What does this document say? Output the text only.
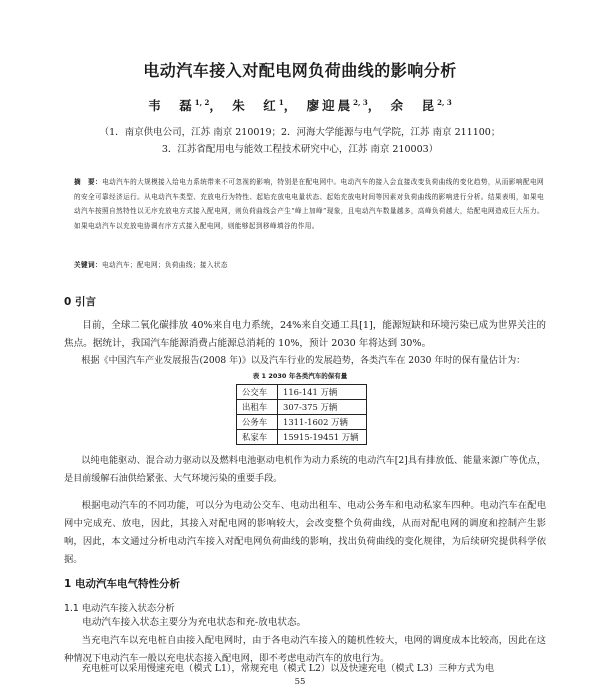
电动汽车接入对配电网负荷曲线的影响分析
韦　磊$^{1, 2}$， 朱　红$^1$， 廖迎晨$^{2, 3}$， 余　昆$^{2, 3}$
（1．南京供电公司，江苏 南京 210019；2．河海大学能源与电气学院，江苏 南京 211100；
3．江苏省配用电与能效工程技术研究中心，江苏 南京 210003）
摘　要：电动汽车的大规模接入给电力系统带来不可忽视的影响，特别是在配电网中。电动汽车的接入会直接改变负荷曲线的变化趋势，从而影响配电网的安全可靠经济运行。从电动汽车类型、充放电行为特性、起始充放电电量状态、起始充放电时间等因素对负荷曲线的影响进行分析。结果表明，如果电动汽车按照自然特性以无序充放电方式接入配电网，则负荷曲线会产生“峰上加峰”现象，且电动汽车数量越多，高峰负荷越大，给配电网造成巨大压力。如果电动汽车以充放电协调有序方式接入配电网，则能够起到移峰填谷的作用。
关键词：电动汽车；配电网；负荷曲线；接入状态
0 引言
目前，全球二氧化碳排放 40%来自电力系统，24%来自交通工具[1]，能源短缺和环境污染已成为世界关注的焦点。据统计，我国汽车能源消费占能源总消耗的 10%，预计 2030 年将达到 30%。
根据《中国汽车产业发展报告(2008 年)》以及汽车行业的发展趋势，各类汽车在 2030 年时的保有量估计为：
表 1 2030 年各类汽车的保有量
公交车	116-141 万辆
出租车	307-375 万辆
公务车	1311-1602 万辆
私家车	15915-19451 万辆
以纯电能驱动、混合动力驱动以及燃料电池驱动电机作为动力系统的电动汽车[2]具有排放低、能量来源广等优点，是目前缓解石油供给紧张、大气环境污染的重要手段。
根据电动汽车的不同功能，可以分为电动公交车、电动出租车、电动公务车和电动私家车四种。电动汽车在配电网中完成充、放电，因此，其接入对配电网的影响较大，会改变整个负荷曲线，从而对配电网的调度和控制产生影响，因此，本文通过分析电动汽车接入对配电网负荷曲线的影响，找出负荷曲线的变化规律，为后续研究提供科学依据。
1 电动汽车电气特性分析
1.1 电动汽车接入状态分析
电动汽车接入状态主要分为充电状态和充-放电状态。
当充电汽车以充电桩自由接入配电网时，由于各电动汽车接入的随机性较大，电网的调度成本比较高，因此在这种情况下电动汽车一般以充电状态接入配电网，即不考虑电动汽车的放电行为。
充电桩可以采用慢速充电（模式 L1），常规充电（模式 L2）以及快速充电（模式 L3）三种方式为电
55
